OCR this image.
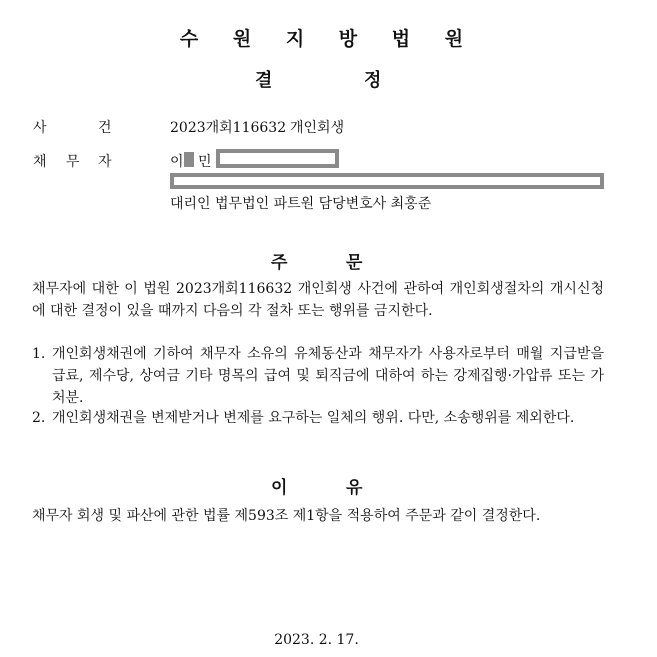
수 원 지 방 법 원
결	정
사	건	2023개회116632 개인회생
채 무 자	이 민
대리인 법무법인 파트원 담당변호사 최홍준
주	문
채무자에 대한 이 법원 2023개회116632 개인회생 사건에 관하여 개인회생절차의 개시신청에 대한 결정이 있을 때까지 다음의 각 절차 또는 행위를 금지한다.
1. 개인회생채권에 기하여 채무자 소유의 유체동산과 채무자가 사용자로부터 매월 지급받을 급료, 제수당, 상여금 기타 명목의 급여 및 퇴직금에 대하여 하는 강제집행·가압류 또는 가처분.
2. 개인회생채권을 변제받거나 변제를 요구하는 일체의 행위. 다만, 소송행위를 제외한다.
이	유
채무자 회생 및 파산에 관한 법률 제593조 제1항을 적용하여 주문과 같이 결정한다.
2023. 2. 17.
